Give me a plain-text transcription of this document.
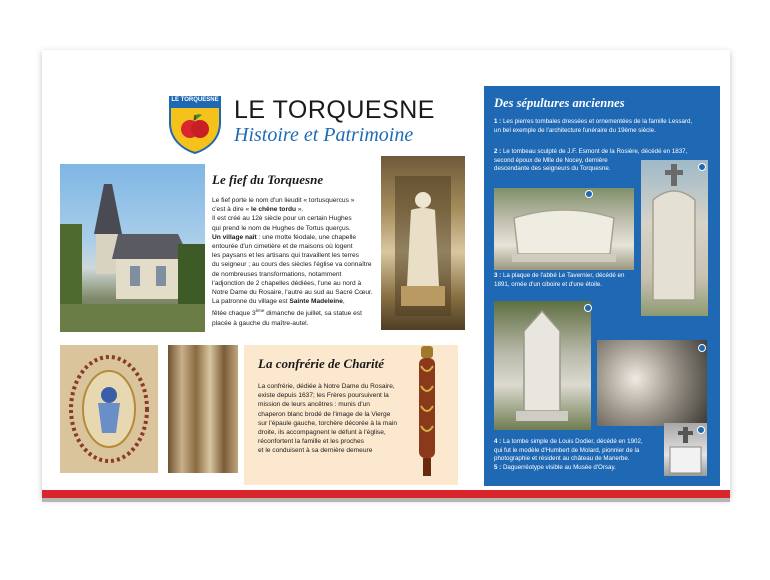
LE TORQUESNE LE TORQUESNE
Histoire et Patrimoine
Le fief du Torquesne
Le fief porte le nom d'un lieudit « tortusquercus »
c'est à dire « le chêne tordu ».
Il est créé au 12è siècle pour un certain Hughes
qui prend le nom de Hughes de Tortus querçus.
Un village naît : une motte féodale, une chapelle
entourée d'un cimetière et de maisons où logent
les paysans et les artisans qui travaillent les terres
du seigneur ; au cours des siècles l'église va connaître
de nombreuses transformations, notamment
l'adjonction de 2 chapelles dédiées, l'une au nord à
Notre Dame du Rosaire, l'autre au sud au Sacré Cœur.
La patronne du village est Sainte Madeleine,
fêtée chaque 3ème dimanche de juillet, sa statue est
placée à gauche du maître-autel.
La confrérie de Charité
La confrérie, dédiée à Notre Dame du Rosaire,
existe depuis 1637; les Frères poursuivent la
mission de leurs ancêtres : munis d'un
chaperon blanc brodé de l'image de la Vierge
sur l'épaule gauche, torchère décorée à la main
droite, ils accompagnent le défunt à l'église,
réconfortent la famille et les proches
et le conduisent à sa dernière demeure
Des sépultures anciennes
1 : Les pierres tombales dressées et ornementées de la famille Lessard,
un bel exemple de l'architecture funéraire du 19ème siècle.
2 : Le tombeau sculpté de J.F. Esmont de la Rosière, décédé en 1837,
second époux de Mlle de Nocey, dernière
descendante des seigneurs du Torquesne.
3 : La plaque de l'abbé Le Tavernier, décédé en
1891, ornée d'un ciboire et d'une étoile.
4 : La tombe simple de Louis Dodier, décédé en 1902,
qui fut le modèle d'Humbert de Molard, pionnier de la
photographie et résident au château de Manerbe.
5 : Daguerréotype visible au Musée d'Orsay.
